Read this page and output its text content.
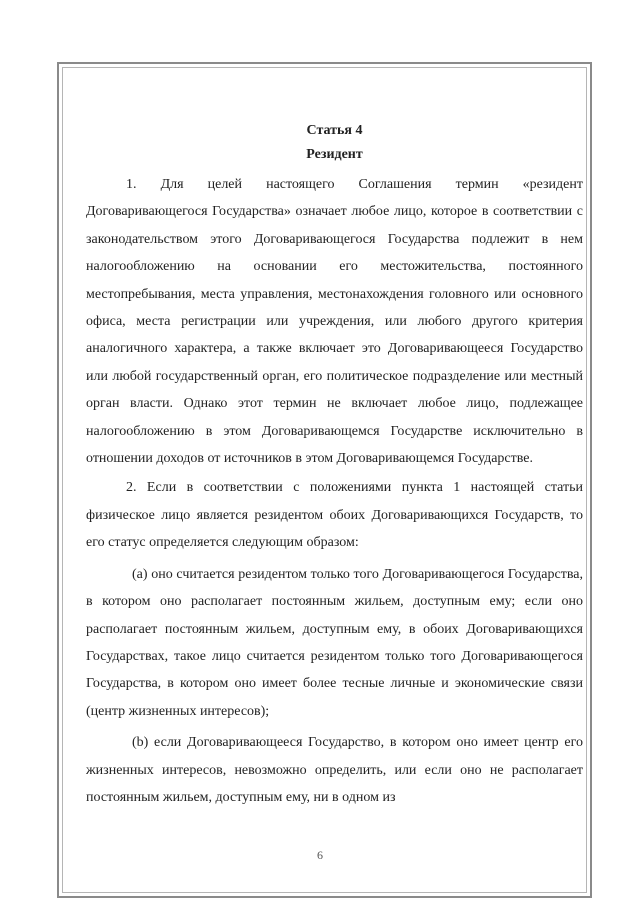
Статья 4
Резидент

1. Для целей настоящего Соглашения термин «резидент Договаривающегося Государства» означает любое лицо, которое в соответствии с законодательством этого Договаривающегося Государства подлежит в нем налогообложению на основании его местожительства, постоянного местопребывания, места управления, местонахождения головного или основного офиса, места регистрации или учреждения, или любого другого критерия аналогичного характера, а также включает это Договаривающееся Государство или любой государственный орган, его политическое подразделение или местный орган власти. Однако этот термин не включает любое лицо, подлежащее налогообложению в этом Договаривающемся Государстве исключительно в отношении доходов от источников в этом Договаривающемся Государстве.

2. Если в соответствии с положениями пункта 1 настоящей статьи физическое лицо является резидентом обоих Договаривающихся Государств, то его статус определяется следующим образом:

(a) оно считается резидентом только того Договаривающегося Государства, в котором оно располагает постоянным жильем, доступным ему; если оно располагает постоянным жильем, доступным ему, в обоих Договаривающихся Государствах, такое лицо считается резидентом только того Договаривающегося Государства, в котором оно имеет более тесные личные и экономические связи (центр жизненных интересов);

(b) если Договаривающееся Государство, в котором оно имеет центр его жизненных интересов, невозможно определить, или если оно не располагает постоянным жильем, доступным ему, ни в одном из

6
